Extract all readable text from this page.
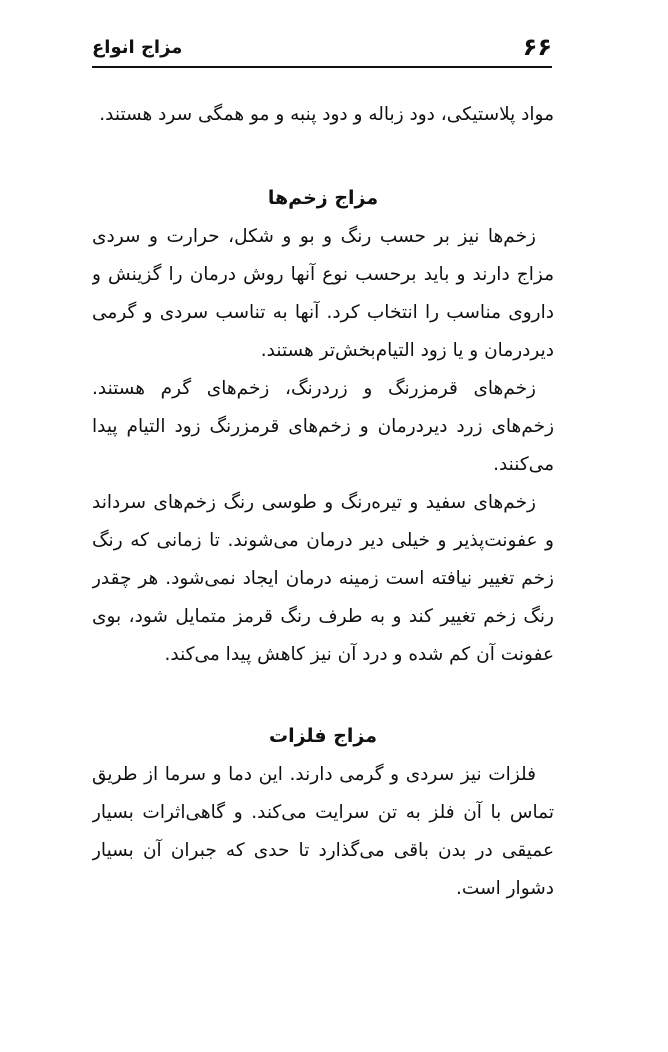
۶۶
مزاج انواع
مواد پلاستیکی، دود زباله و دود پنبه و مو همگی سرد هستند.
مزاج زخم‌ها
زخم‌ها نیز بر حسب رنگ و بو و شکل، حرارت و سردی
مزاج دارند و باید برحسب نوع آنها روش درمان را گزینش و
داروی مناسب را انتخاب کرد. آنها به تناسب سردی و گرمی
دیردرمان و یا زود التیام‌بخش‌تر هستند.
زخم‌های قرمزرنگ و زردرنگ، زخم‌های گرم هستند.
زخم‌های زرد دیردرمان و زخم‌های قرمزرنگ زود التیام پیدا
می‌کنند.
زخم‌های سفید و تیره‌رنگ و طوسی رنگ زخم‌های سرداند
و عفونت‌پذیر و خیلی دیر درمان می‌شوند. تا زمانی که رنگ
زخم تغییر نیافته است زمینه درمان ایجاد نمی‌شود. هر چقدر
رنگ زخم تغییر کند و به طرف رنگ قرمز متمایل شود، بوی
عفونت آن کم شده و درد آن نیز کاهش پیدا می‌کند.
مزاج فلزات
فلزات نیز سردی و گرمی دارند. این دما و سرما از طریق
تماس با آن فلز به تن سرایت می‌کند. و گاهی‌اثرات بسیار
عمیقی در بدن باقی می‌گذارد تا حدی که جبران آن بسیار
دشوار است.
